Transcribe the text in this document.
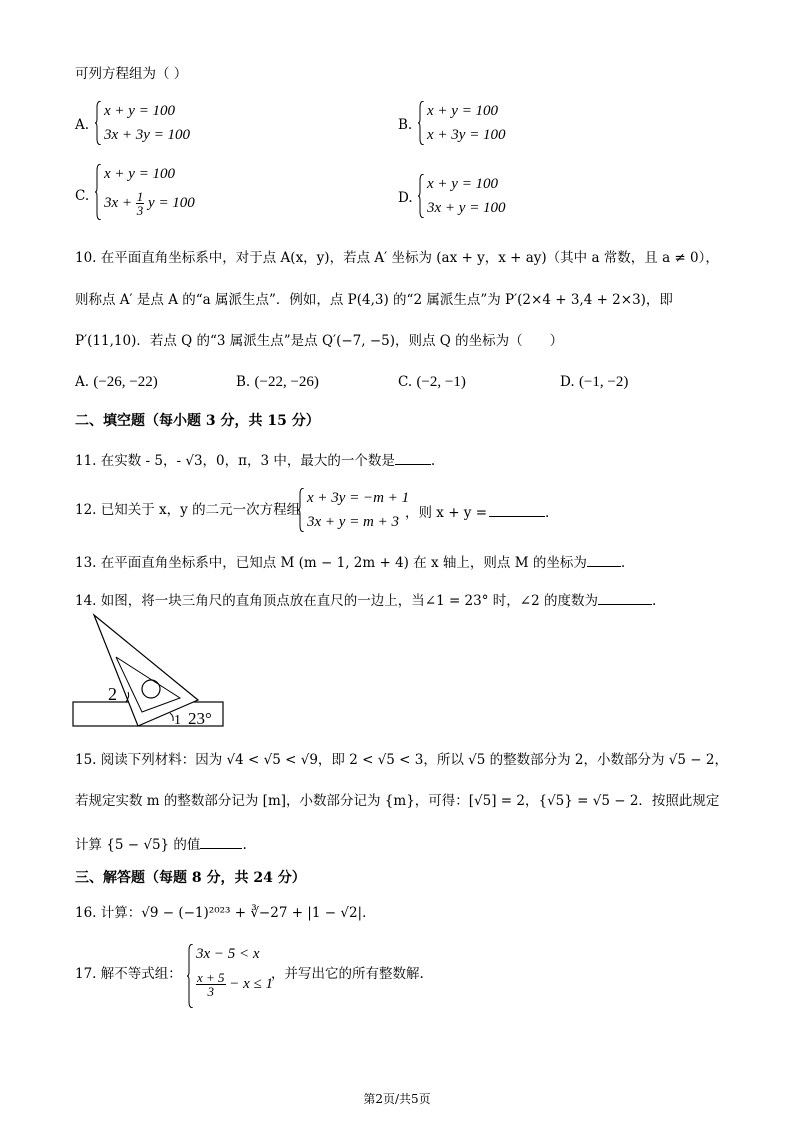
可列方程组为（ ）
A.
x + y = 100
3x + 3y = 100
B.
x + y = 100
x + 3y = 100
C.
x + y = 100
$3x + \frac{1}{3}$ y = 100	D.
x + y = 100
3x + y = 100
10. 在平面直角坐标系中，对于点 A(x，y)，若点 A′ 坐标为 (ax + y，x + ay)（其中 a 常数，且 a ≠ 0），
则称点 A′ 是点 A 的“a 属派生点”．例如，点 P(4,3) 的“2 属派生点”为 P′(2×4 + 3,4 + 2×3)，即
P′(11,10)．若点 Q 的“3 属派生点”是点 Q′(−7, −5)，则点 Q 的坐标为（　　）
A. (−26, −22)	B. (−22, −26)	C. (−2, −1)	D. (−1, −2)
二、填空题（每小题 3 分，共 15 分）
11. 在实数 - 5，- √3，0，π，3 中，最大的一个数是	.
12. 已知关于 x，y 的二元一次方程组
x + 3y = −m + 1
3x + y = m + 3
，则 x + y =	.
13. 在平面直角坐标系中，已知点 M (m − 1, 2m + 4) 在 x 轴上，则点 M 的坐标为	.
14. 如图，将一块三角尺的直角顶点放在直尺的一边上，当∠1 = 23° 时，∠2 的度数为	.
2
1 23°
15. 阅读下列材料：因为 √4 < √5 < √9，即 2 < √5 < 3，所以 √5 的整数部分为 2，小数部分为 √5 − 2，
若规定实数 m 的整数部分记为 [m]，小数部分记为 {m}，可得：[√5] = 2，{√5} = √5 − 2．按照此规定
计算 {5 − √5} 的值	.
三、解答题（每题 8 分，共 24 分）
16. 计算：√9 − (−1)²⁰²³ + ∛−27 + |1 − √2|．
17. 解不等式组：
3x − 5 < x
$\frac{x + 5}{3} - x \le 1$
，并写出它的所有整数解.
第2页/共5页
